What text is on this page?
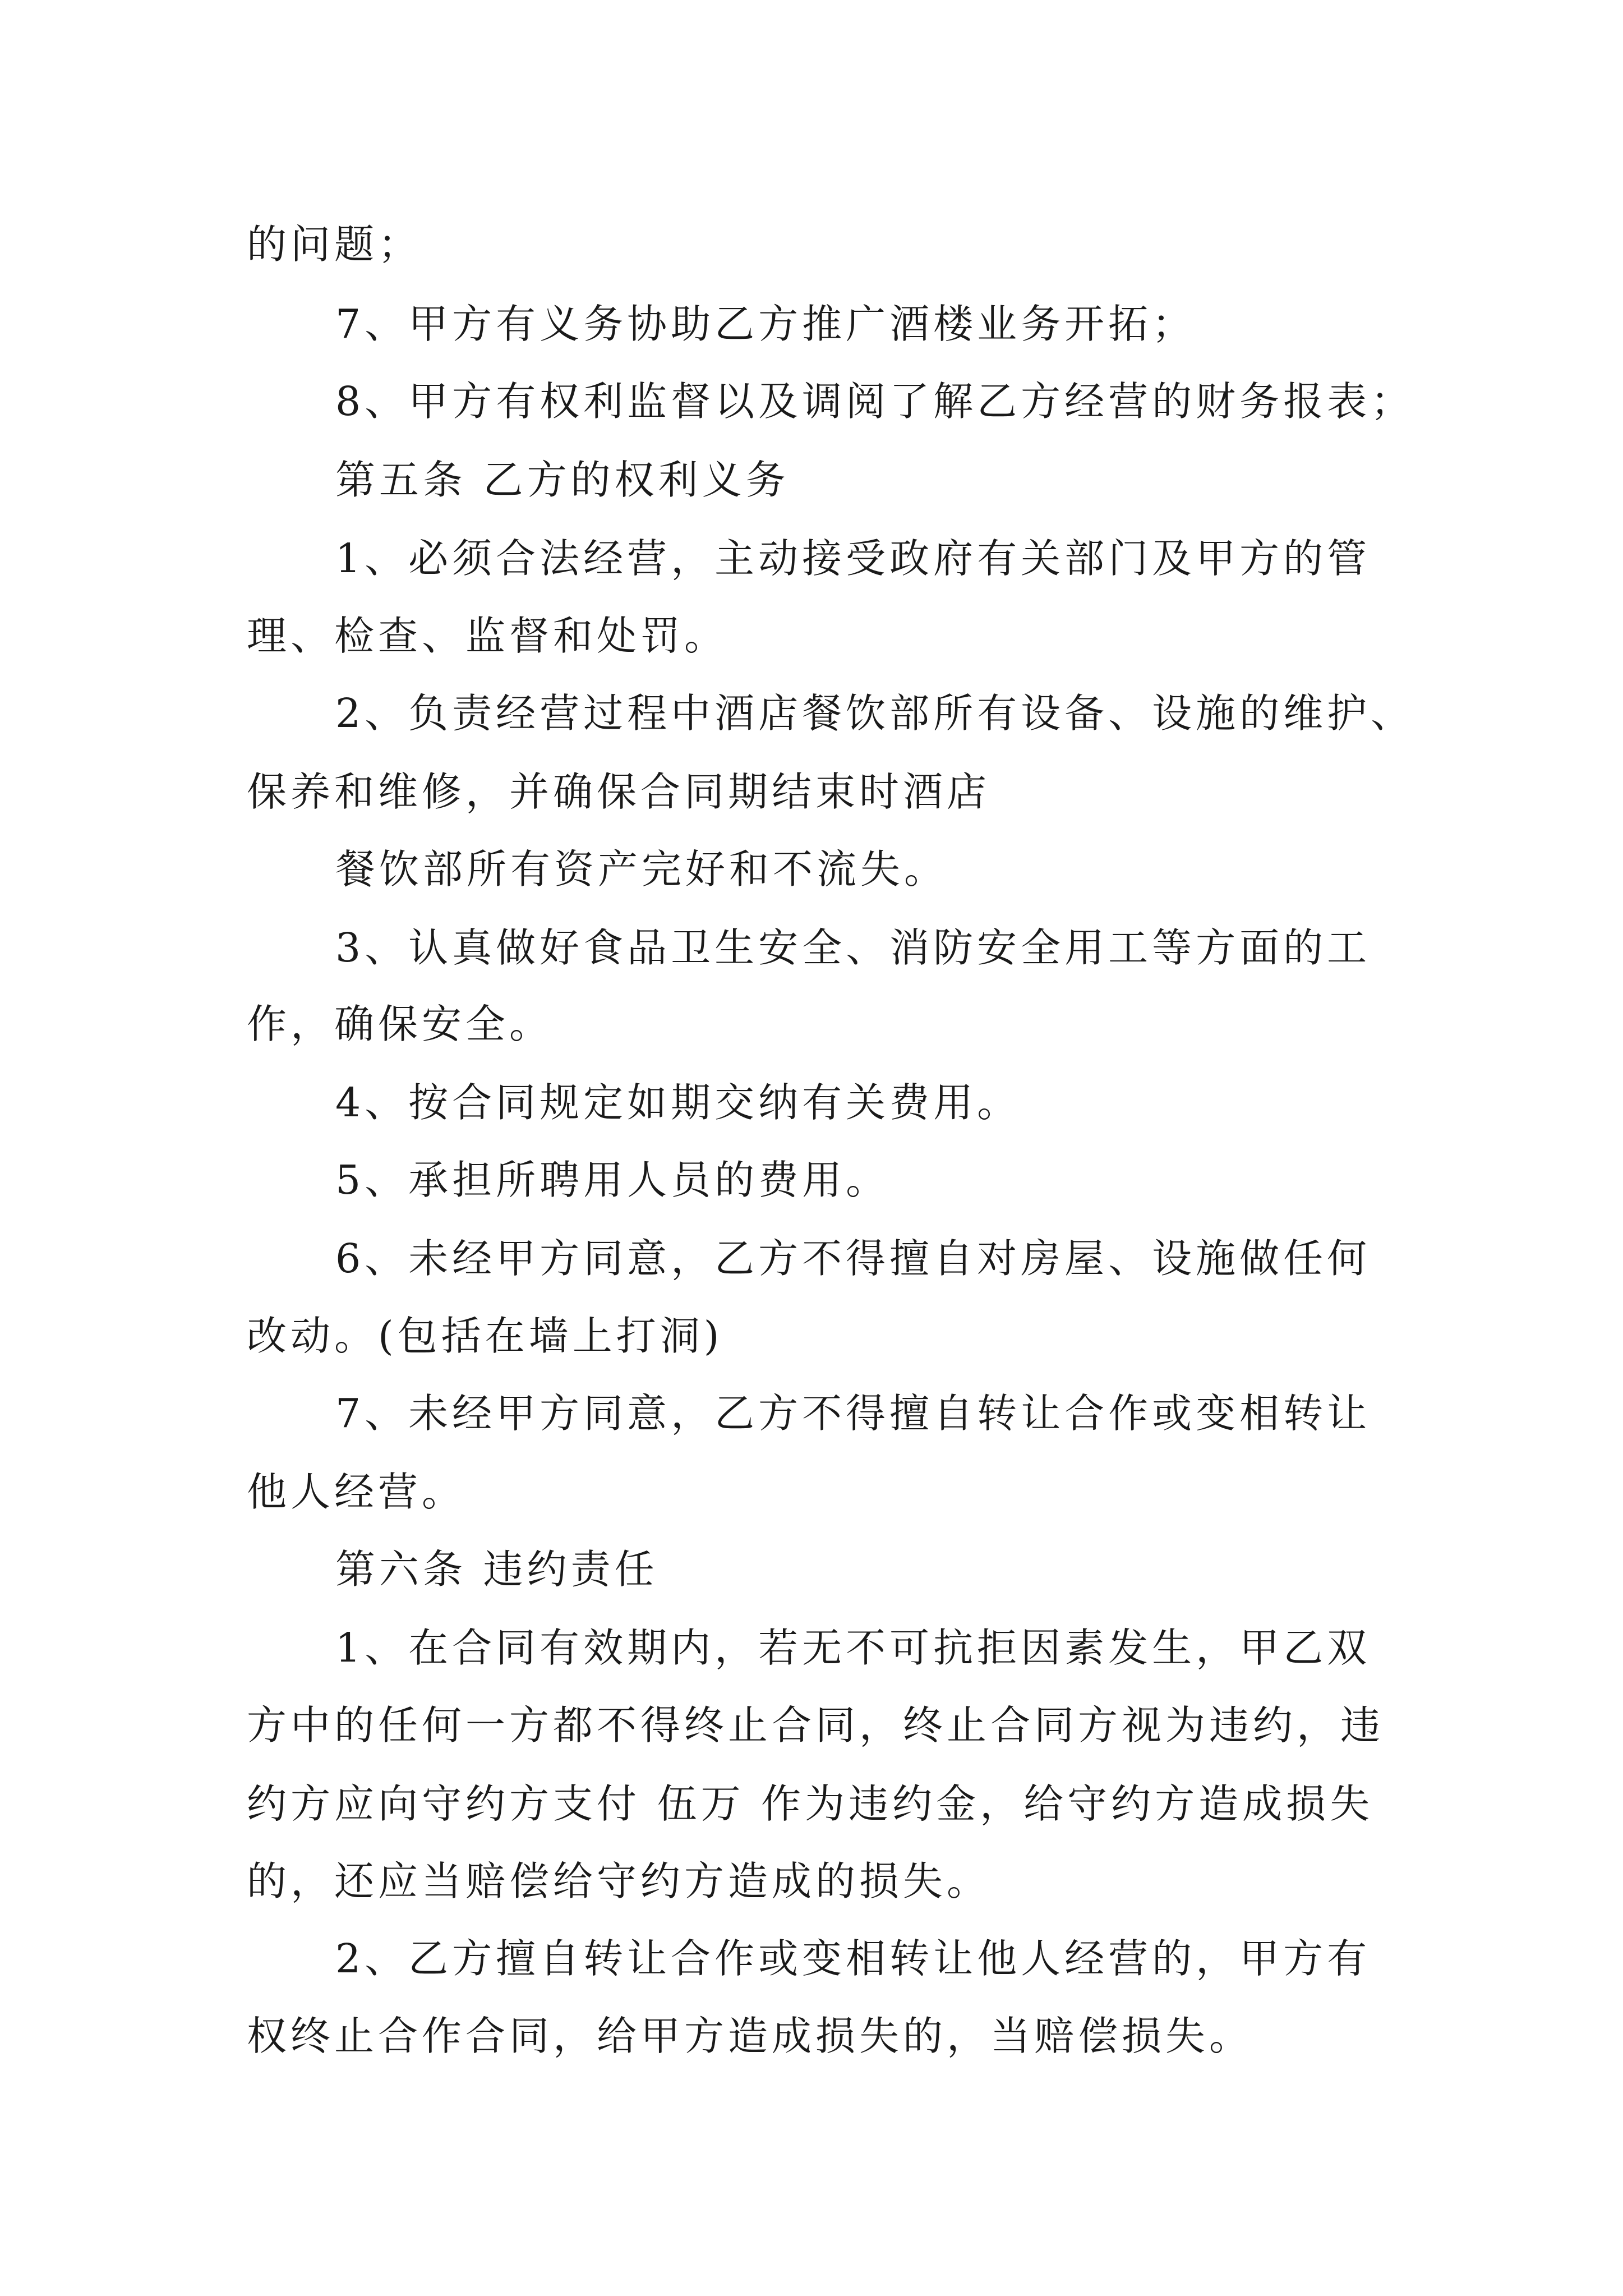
的问题；
7、甲方有义务协助乙方推广酒楼业务开拓；
8、甲方有权利监督以及调阅了解乙方经营的财务报表；
第五条 乙方的权利义务
1、必须合法经营，主动接受政府有关部门及甲方的管
理、检查、监督和处罚。
2、负责经营过程中酒店餐饮部所有设备、设施的维护、
保养和维修，并确保合同期结束时酒店
餐饮部所有资产完好和不流失。
3、认真做好食品卫生安全、消防安全用工等方面的工
作，确保安全。
4、按合同规定如期交纳有关费用。
5、承担所聘用人员的费用。
6、未经甲方同意，乙方不得擅自对房屋、设施做任何
改动。(包括在墙上打洞)
7、未经甲方同意，乙方不得擅自转让合作或变相转让
他人经营。
第六条 违约责任
1、在合同有效期内，若无不可抗拒因素发生，甲乙双
方中的任何一方都不得终止合同，终止合同方视为违约，违
约方应向守约方支付 伍万 作为违约金，给守约方造成损失
的，还应当赔偿给守约方造成的损失。
2、乙方擅自转让合作或变相转让他人经营的，甲方有
权终止合作合同，给甲方造成损失的，当赔偿损失。
